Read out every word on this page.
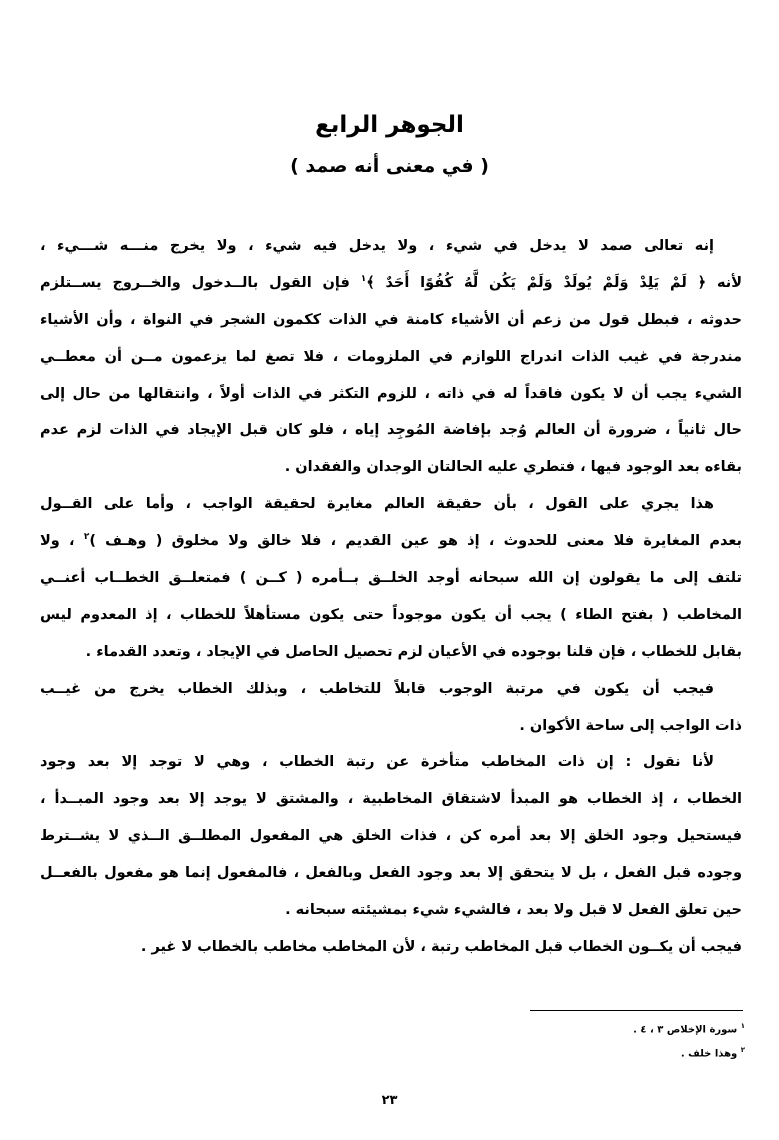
الجوهر الرابع
( في معنى أنه صمد )
إنه تعالى صمد لا يدخل في شيء ، ولا يدخل فيه شيء ، ولا يخرج منـــه شـــيء ،
لأنه ﴿ لَمْ يَلِدْ وَلَمْ يُولَدْ وَلَمْ يَكُن لَّهُ كُفُوًا أَحَدٌ ﴾$^١$ فإن القول بالــدخول والخــروج يســتلزم
حدوثه ، فبطل قول من زعم أن الأشياء كامنة في الذات ككمون الشجر في النواة ، وأن الأشياء
مندرجة في غيب الذات اندراج اللوازم في الملزومات ، فلا تصغ لما يزعمون مــن أن معطــي
الشيء يجب أن لا يكون فاقداً له في ذاته ، للزوم التكثر في الذات أولاً ، وانتقالها من حال إلى
حال ثانياً ، ضرورة أن العالم وُجد بإفاضة المُوجِد إياه ، فلو كان قبل الإيجاد في الذات لزم عدم
بقاءه بعد الوجود فيها ، فتطري عليه الحالتان الوجدان والفقدان .
هذا يجري على القول ، بأن حقيقة العالم مغايرة لحقيقة الواجب ، وأما على القــول
بعدم المغايرة فلا معنى للحدوث ، إذ هو عين القديم ، فلا خالق ولا مخلوق ( وهـف )$^٢$ ، ولا
تلتف إلى ما يقولون إن الله سبحانه أوجد الخلــق بــأمره ( كــن ) فمتعلــق الخطــاب أعنــي
المخاطب ( بفتح الطاء ) يجب أن يكون موجوداً حتى يكون مستأهلاً للخطاب ، إذ المعدوم ليس
بقابل للخطاب ، فإن قلنا بوجوده في الأعيان لزم تحصيل الحاصل في الإيجاد ، وتعدد القدماء .
فيجب أن يكون في مرتبة الوجوب قابلاً للتخاطب ، وبذلك الخطاب يخرج من غيــب
ذات الواجب إلى ساحة الأكوان .
لأنا نقول : إن ذات المخاطب متأخرة عن رتبة الخطاب ، وهي لا توجد إلا بعد وجود
الخطاب ، إذ الخطاب هو المبدأ لاشتقاق المخاطبية ، والمشتق لا يوجد إلا بعد وجود المبــدأ ،
فيستحيل وجود الخلق إلا بعد أمره كن ، فذات الخلق هي المفعول المطلــق الــذي لا يشــترط
وجوده قبل الفعل ، بل لا يتحقق إلا بعد وجود الفعل وبالفعل ، فالمفعول إنما هو مفعول بالفعــل
حين تعلق الفعل لا قبل ولا بعد ، فالشيء شيء بمشيئته سبحانه .
فيجب أن يكــون الخطاب قبل المخاطب رتبة ، لأن المخاطب مخاطب بالخطاب لا غير .
$^١$ سورة الإخلاص ٣ ، ٤ .
$^٢$ وهذا خلف .
٢٣
